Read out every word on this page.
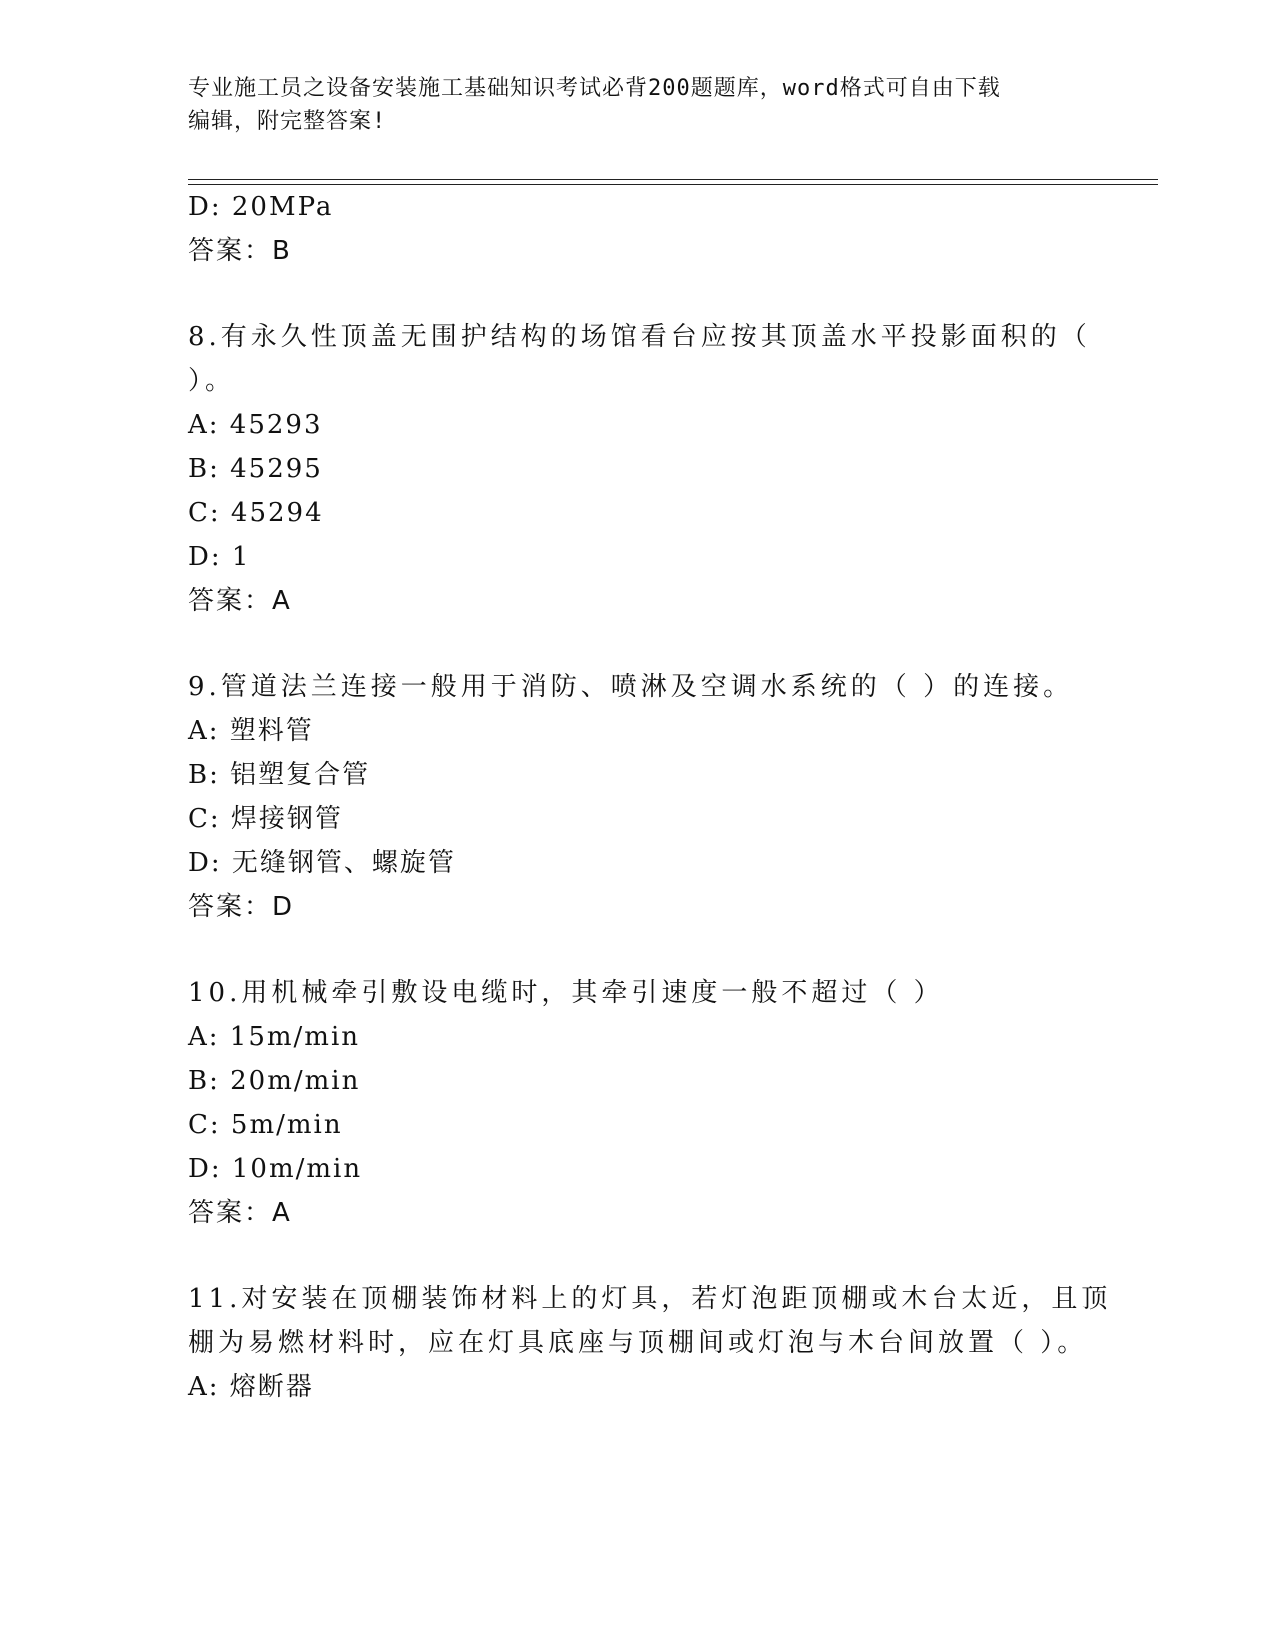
专业施工员之设备安装施工基础知识考试必背200题题库，word格式可自由下载
编辑，附完整答案!
D: 20MPa
答案：B
8.有永久性顶盖无围护结构的场馆看台应按其顶盖水平投影面积的（
）。
A: 45293
B: 45295
C: 45294
D: 1
答案：A
9.管道法兰连接一般用于消防、喷淋及空调水系统的（ ）的连接。
A: 塑料管
B: 铝塑复合管
C: 焊接钢管
D: 无缝钢管、螺旋管
答案：D
10.用机械牵引敷设电缆时，其牵引速度一般不超过（ ）
A: 15m/min
B: 20m/min
C: 5m/min
D: 10m/min
答案：A
11.对安装在顶棚装饰材料上的灯具，若灯泡距顶棚或木台太近，且顶
棚为易燃材料时，应在灯具底座与顶棚间或灯泡与木台间放置（ ）。
A: 熔断器
